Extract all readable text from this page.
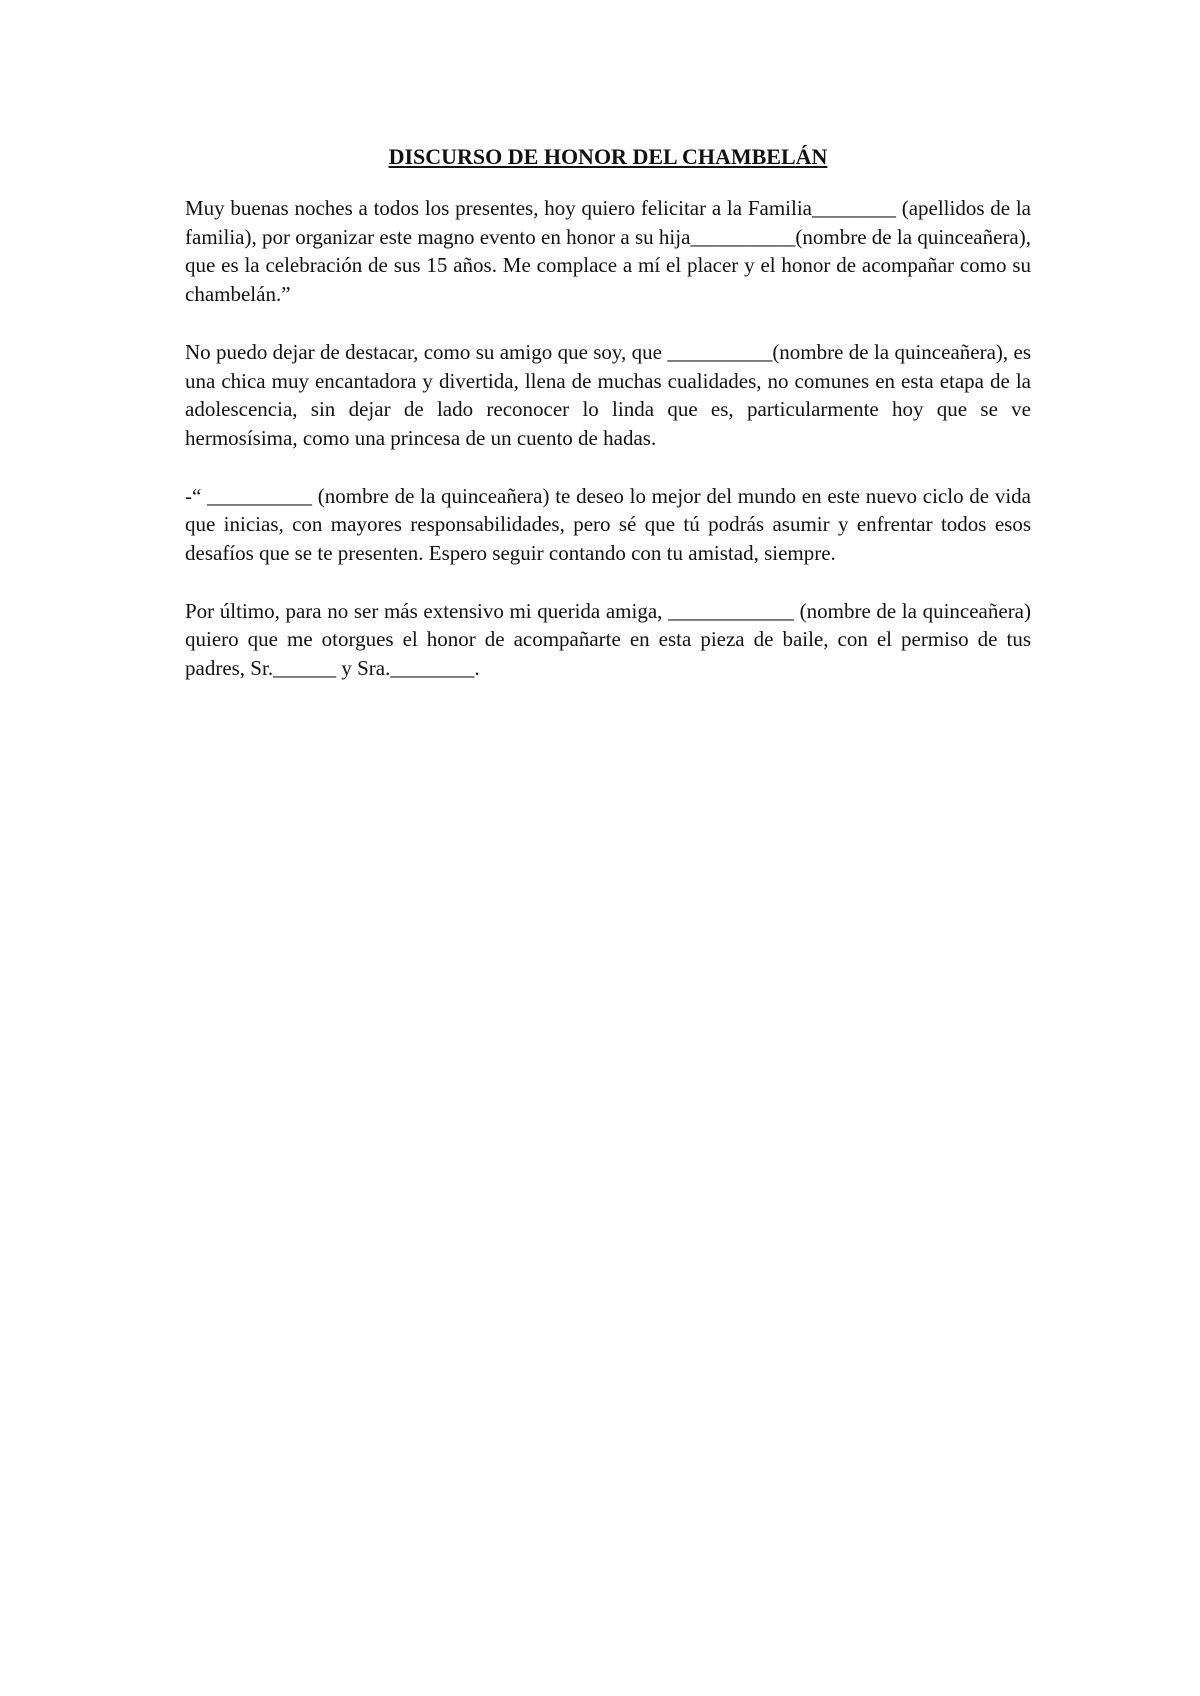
DISCURSO DE HONOR DEL CHAMBELÁN

Muy buenas noches a todos los presentes, hoy quiero felicitar a la Familia________ (apellidos de la familia), por organizar este magno evento en honor a su hija__________(nombre de la quinceañera), que es la celebración de sus 15 años. Me complace a mí el placer y el honor de acompañar como su chambelán.”

No puedo dejar de destacar, como su amigo que soy, que __________(nombre de la quinceañera), es una chica muy encantadora y divertida, llena de muchas cualidades, no comunes en esta etapa de la adolescencia, sin dejar de lado reconocer lo linda que es, particularmente hoy que se ve hermosísima, como una princesa de un cuento de hadas.

-“ __________ (nombre de la quinceañera) te deseo lo mejor del mundo en este nuevo ciclo de vida que inicias, con mayores responsabilidades, pero sé que tú podrás asumir y enfrentar todos esos desafíos que se te presenten. Espero seguir contando con tu amistad, siempre.

Por último, para no ser más extensivo mi querida amiga, ____________ (nombre de la quinceañera) quiero que me otorgues el honor de acompañarte en esta pieza de baile, con el permiso de tus padres, Sr.______ y Sra.________.
